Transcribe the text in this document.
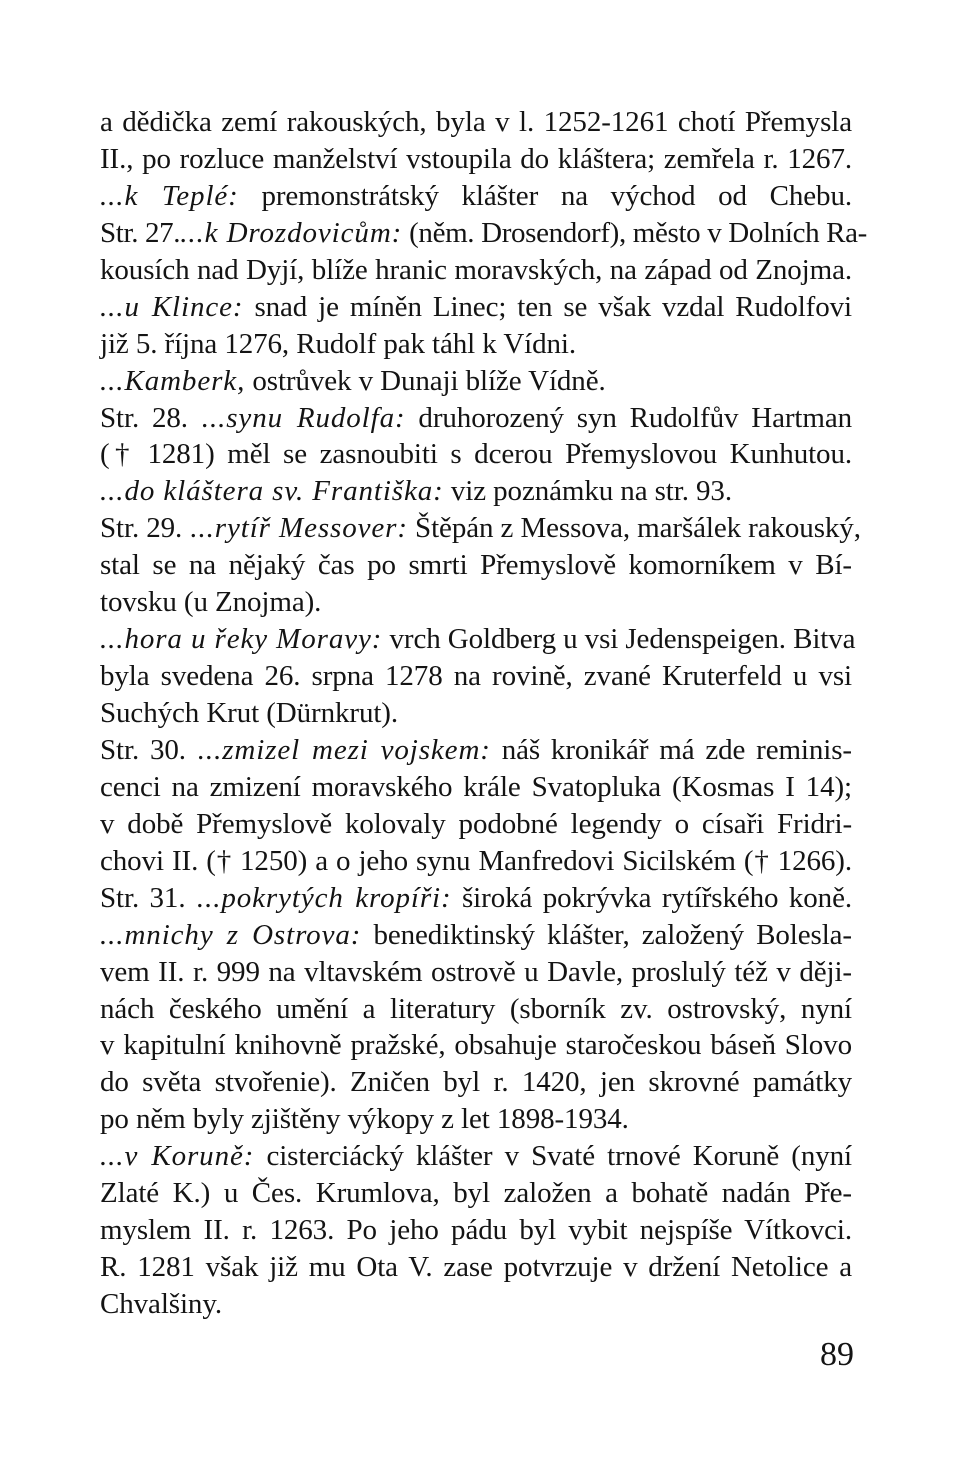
a dědička zemí rakouských, byla v l. 1252-1261 chotí Přemysla
II., po rozluce manželství vstoupila do kláštera; zemřela r. 1267.
...k Teplé: premonstrátský klášter na východ od Chebu.
Str. 27....k Drozdovicům: (něm. Drosendorf), město v Dolních Ra-
kousích nad Dyjí, blíže hranic moravských, na západ od Znojma.
...u Klince: snad je míněn Linec; ten se však vzdal Rudolfovi
již 5. října 1276, Rudolf pak táhl k Vídni.
...Kamberk, ostrůvek v Dunaji blíže Vídně.
Str. 28. ...synu Rudolfa: druhorozený syn Rudolfův Hartman
(† 1281) měl se zasnoubiti s dcerou Přemyslovou Kunhutou.
...do kláštera sv. Františka: viz poznámku na str. 93.
Str. 29. ...rytíř Messover: Štěpán z Messova, maršálek rakouský,
stal se na nějaký čas po smrti Přemyslově komorníkem v Bí-
tovsku (u Znojma).
...hora u řeky Moravy: vrch Goldberg u vsi Jedenspeigen. Bitva
byla svedena 26. srpna 1278 na rovině, zvané Kruterfeld u vsi
Suchých Krut (Dürnkrut).
Str. 30. ...zmizel mezi vojskem: náš kronikář má zde reminis-
cenci na zmizení moravského krále Svatopluka (Kosmas I 14);
v době Přemyslově kolovaly podobné legendy o císaři Fridri-
chovi II. († 1250) a o jeho synu Manfredovi Sicilském († 1266).
Str. 31. ...pokrytých kropíři: široká pokrývka rytířského koně.
...mnichy z Ostrova: benediktinský klášter, založený Bolesla-
vem II. r. 999 na vltavském ostrově u Davle, proslulý též v ději-
nách českého umění a literatury (sborník zv. ostrovský, nyní
v kapitulní knihovně pražské, obsahuje staročeskou báseň Slovo
do světa stvořenie). Zničen byl r. 1420, jen skrovné památky
po něm byly zjištěny výkopy z let 1898-1934.
...v Koruně: cisterciácký klášter v Svaté trnové Koruně (nyní
Zlaté K.) u Čes. Krumlova, byl založen a bohatě nadán Pře-
myslem II. r. 1263. Po jeho pádu byl vybit nejspíše Vítkovci.
R. 1281 však již mu Ota V. zase potvrzuje v držení Netolice a
Chvalšiny.
89
